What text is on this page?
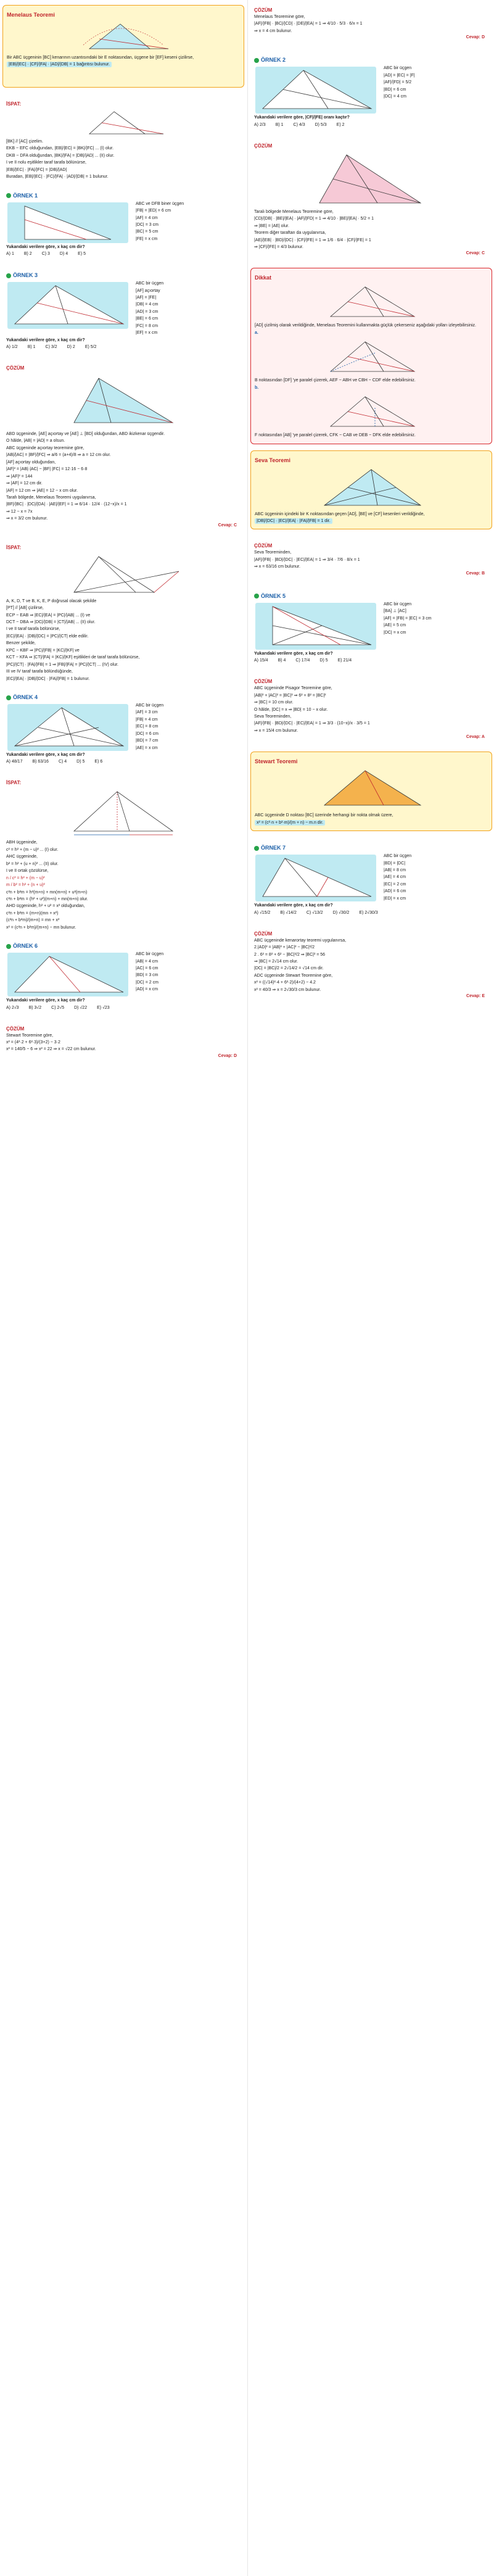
Menelaus Teoremi

Bir ABC üçgeninin [BC] kenarının uzantısındaki bir E noktasından, üçgene bir [EF] keseni çizilirse,

|EB|/|EC| · |CF|/|FA| · |AD|/|DB| = 1 bağıntısı bulunur.

İSPAT:

[BK] // [AC] çizelim.

EKB ~ EFC olduğundan, |EB|/|EC| = |BK|/|FC| ... (I) olur.

DKB ~ DFA olduğundan, |BK|/|FA| = |DB|/|AD| ... (II) olur.

I ve II nolu eşitlikler taraf tarafa bölünürse,

|EB|/|EC| · |FA|/|FC| = |DB|/|AD|

Buradan, |EB|/|EC| · |FC|/|FA| · |AD|/|DB| = 1 bulunur.

ÖRNEK 1

ABC ve DFB biner üçgen

|FB| = |ED| = 6 cm

|AF| = 4 cm

|DC| = 3 cm

|BC| = 5 cm

|FE| = x cm

Yukarıdaki verilere göre, x kaç cm dir?

A) 1 B) 2 C) 3 D) 4 E) 5
ÖRNEK 3

ABC bir üçgen

[AF] açıortay

|AF| = |FE|

|DB| = 4 cm

|AD| = 3 cm

|BE| = 6 cm

|FC| = 8 cm

|EF| = x cm

Yukarıdaki verilere göre, x kaç cm dir?

A) 1/2 B) 1 C) 3/2 D) 2 E) 5/2
ÇÖZÜM

ABD üçgeninde, [AE] açıortay ve [AE] ⊥ [BD] olduğundan, ABD ikizkenar üçgendir.

O hâlde, |AB| = |AD| = a olsun.

ABC üçgeninde açıortay teoremine göre,

|AB|/|AC| = |BF|/|FC| ⇒ a/6 = (a+4)/8 ⇒ a = 12 cm olur.

[AF] açıortay olduğundan,

|AF|² = |AB|·|AC| − |BF|·|FC| = 12·16 − 6·8

⇒ |AF|² = 144

⇒ |AF| = 12 cm dir.

|AF| = 12 cm ⇒ |AE| = 12 − x cm olur.

Tarafı bölgede, Menelaus Teoremi uygulanırsa,

|BF|/|BC| · |DC|/|DA| · |AE|/|EF| = 1 ⇒ 6/14 · 12/4 · (12−x)/x = 1

⇒ 12 − x = 7x

⇒ x = 3/2 cm bulunur.

Cevap: C
İSPAT:

A, K, D, T ve B, K, E, P doğrusal olacak şekilde

[PT] // [AB] çizilirse,

ECP ~ EAB ⇒ |EC|/|EA| = |PC|/|AB| ... (I) ve

DCT ~ DBA ⇒ |DC|/|DB| = |CT|/|AB| ... (II) olur.

I ve II taraf tarafa bölünürse,

|EC|/|EA| · |DB|/|DC| = |PC|/|CT| elde edilir.

Benzer şekilde,

KPC ~ KBF ⇒ |PC|/|FB| = |KC|/|KF| ve

KCT ~ KFA ⇒ |CT|/|FA| = |KC|/|KF| eşitlikleri de taraf tarafa bölünürse,

|PC|/|CT| · |FA|/|FB| = 1 ⇒ |FB|/|FA| = |PC|/|CT| ... (IV) olur.

III ve IV taraf tarafa bölündüğünde,

|EC|/|EA| · |DB|/|DC| · |FA|/|FB| = 1 bulunur.

ÖRNEK 4

ABC bir üçgen

|AF| = 3 cm

|FB| = 4 cm

|EC| = 8 cm

|DC| = 6 cm

|BD| = 7 cm

|AE| = x cm

Yukarıdaki verilere göre, x kaç cm dir?

A) 48/17 B) 63/16 C) 4 D) 5 E) 6
İSPAT:

ABH üçgeninde,

c² = h² + (m − u)² ... (I) olur.

AHC üçgeninde,

b² = h² + (u + n)² ... (II) olur.

I ve II ortak çözülürse,

n / c² = h² + (m − u)²

m / b² = h² + (n + u)²

c²n + b²m = h²(m+n) + mn(m+n) + u²(m+n)

c²n + b²m = (h² + u²)(m+n) + mn(m+n) olur.

AHD üçgeninde, h² + u² = x² olduğundan,

c²n + b²m = (m+n)(mn + x²)

(c²n + b²m)/(m+n) = mn + x²

x² = (c²n + b²m)/(m+n) − mn bulunur.

ÖRNEK 6

ABC bir üçgen

|AB| = 4 cm

|AC| = 6 cm

|BD| = 3 cm

|DC| = 2 cm

|AD| = x cm

Yukarıdaki verilere göre, x kaç cm dir?

A) 2√3 B) 3√2 C) 2√5 D) √22 E) √23
ÇÖZÜM

Stewart Teoremine göre,

x² = (4²·2 + 6²·3)/(3+2) − 3·2

x² = 140/5 − 6 ⇒ x² = 22 ⇒ x = √22 cm bulunur.

Cevap: D
ÇÖZÜM

Menelaus Teoremine göre,

|AF|/|FB| · |BC|/|CD| · |DE|/|EA| = 1 ⇒ 4/10 · 5/3 · 6/x = 1

⇒ x = 4 cm bulunur.

Cevap: D
ÖRNEK 2

ABC bir üçgen

|AD| = |EC| = |F|

|AF|/|FD| = 5/2

|BD| = 6 cm

|DC| = 4 cm

Yukarıdaki verilere göre, |CF|/|FE| oranı kaçtır?

A) 2/3 B) 1 C) 4/3 D) 5/3 E) 2
ÇÖZÜM

Taralı bölgede Menelaus Teoremine göre,

|CD|/|DB| · |BE|/|EA| · |AF|/|FD| = 1 ⇒ 4/10 · |BE|/|EA| · 5/2 = 1

⇒ |BE| = |AE| olur.

Teorem diğer taraftan da uygulanırsa,

|AE|/|EB| · |BD|/|DC| · |CF|/|FE| = 1 ⇒ 1/6 · 6/4 · |CF|/|FE| = 1

⇒ |CF|/|FE| = 4/3 bulunur.

Cevap: C
Dikkat

[AD] çizilmiş olarak verildiğinde, Menelaus Teoremini kullanmakta güçlük çekerseniz aşağıdaki yolları izleyebilirsiniz.

a.

B noktasından [DF] 'ye paralel çizerek, AEF ~ ABH ve CBH ~ CDF elde edebilirsiniz.

b.

F noktasından [AB] 'ye paralel çizerek, CFK ~ CAB ve DEB ~ DFK elde edebilirsiniz.

Seva Teoremi

ABC üçgeninin içindeki bir K noktasından geçen [AD], [BE] ve [CF] kesenleri verildiğinde,

|DB|/|DC| · |EC|/|EA| · |FA|/|FB| = 1 dir.

ÇÖZÜM

Seva Teoreminden,

|AF|/|FB| · |BD|/|DC| · |EC|/|EA| = 1 ⇒ 3/4 · 7/6 · 8/x = 1

⇒ x = 63/16 cm bulunur.

Cevap: B
ÖRNEK 5

ABC bir üçgen

[BA] ⊥ [AC]

|AF| = |FB| = |EC| = 3 cm

|AE| = 5 cm

|DC| = x cm

Yukarıdaki verilere göre, x kaç cm dir?

A) 15/4 B) 4 C) 17/4 D) 5 E) 21/4
ÇÖZÜM

ABC üçgeninde Pisagor Teoremine göre,

|AB|² + |AC|² = |BC|² ⇒ 6² + 8² = |BC|²

⇒ |BC| = 10 cm olur.

O hâlde, |DC| = x ⇒ |BD| = 10 − x olur.

Seva Teoreminden,

|AF|/|FB| · |BD|/|DC| · |EC|/|EA| = 1 ⇒ 3/3 · (10−x)/x · 3/5 = 1

⇒ x = 15/4 cm bulunur.

Cevap: A
Stewart Teoremi

ABC üçgeninde D noktası [BC] üzerinde herhangi bir nokta olmak üzere,

x² = (c²·n + b²·m)/(m + n) − m.n dir.

ÖRNEK 7

ABC bir üçgen

|BD| = |DC|

|AB| = 8 cm

|AE| = 4 cm

|EC| = 2 cm

|AD| = 6 cm

|ED| = x cm

Yukarıdaki verilere göre, x kaç cm dir?

A) √15/2 B) √14/2 C) √13/2 D) √30/2 E) 2√30/3
ÇÖZÜM

ABC üçgeninde kenarortay teoremi uygulanırsa,

2.|AD|² = |AB|² + |AC|² − |BC|²/2

2 . 6² = 8² + 6² − |BC|²/2 ⇒ |BC|² = 56

⇒ |BC| = 2√14 cm olur.

|DC| = |BC|/2 = 2√14/2 = √14 cm dir.

ADC üçgeninde Stewart Teoremine göre,

x² = ((√14)²·4 + 6²·2)/(4+2) − 4.2

x² = 40/3 ⇒ x = 2√30/3 cm bulunur.

Cevap: E
